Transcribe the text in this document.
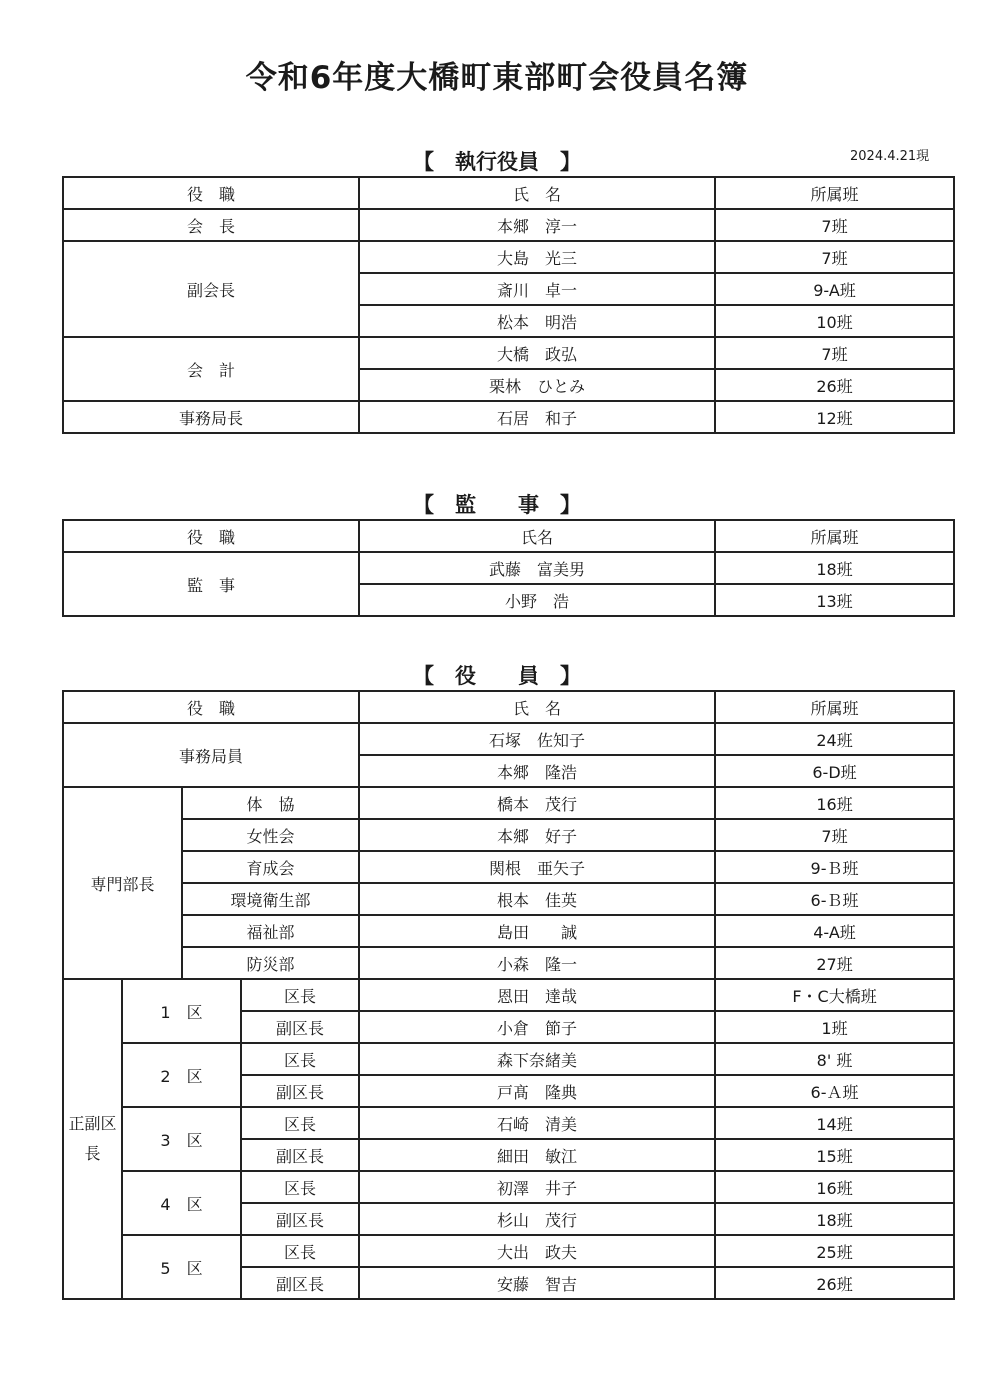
令和6年度大橋町東部町会役員名簿
【　執行役員　】	2024.4.21現
役　職	氏　名	所属班
会　長	本郷　淳一	7班
副会長	大島　光三	7班
	斎川　卓一	9-A班
	松本　明浩	10班
会　計	大橋　政弘	7班
	栗林　ひとみ	26班
事務局長	石居　和子	12班
【　監　　事　】
役　職	氏名	所属班
監　事	武藤　富美男	18班
	小野　浩	13班
【　役　　員　】
役　職				氏　名	所属班
事務局員				石塚　佐知子	24班
				本郷　隆浩	6-D班
専門部長		体　協		橋本　茂行	16班
		女性会		本郷　好子	7班
		育成会		関根　亜矢子	9-Ｂ班
		環境衛生部		根本　佳英	6-Ｂ班
		福祉部		島田　　誠	4-A班
		防災部		小森　隆一	27班
正副区長	1　区		区長	恩田　達哉	F・C大橋班
			副区長	小倉　節子	1班
	2　区		区長	森下奈緒美	8' 班
			副区長	戸髙　隆典	6-Ａ班
	3　区		区長	石崎　清美	14班
			副区長	細田　敏江	15班
	4　区		区長	初澤　井子	16班
			副区長	杉山　茂行	18班
	5　区		区長	大出　政夫	25班
			副区長	安藤　智吉	26班
